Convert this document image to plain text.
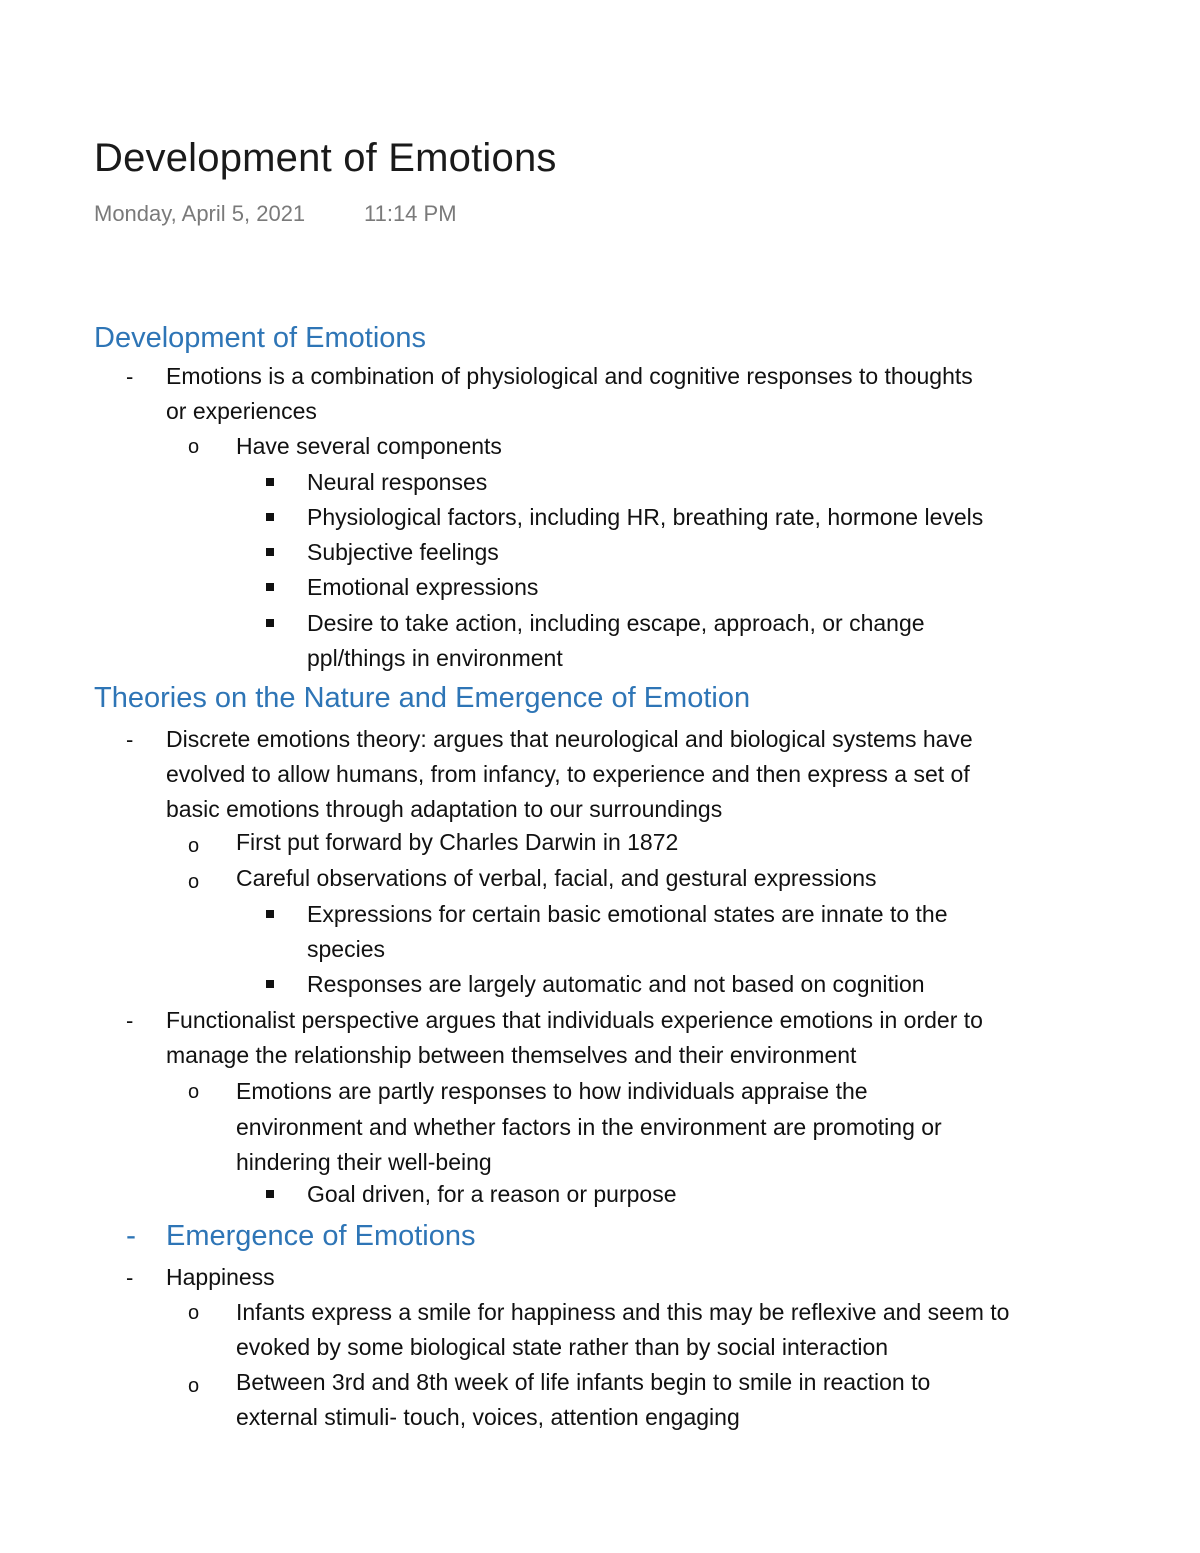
Development of Emotions
Monday, April 5, 2021	11:14 PM
Development of Emotions
- Emotions is a combination of physiological and cognitive responses to thoughts
or experiences
o Have several components
Neural responses
Physiological factors, including HR, breathing rate, hormone levels
Subjective feelings
Emotional expressions
Desire to take action, including escape, approach, or change
ppl/things in environment
Theories on the Nature and Emergence of Emotion
- Discrete emotions theory: argues that neurological and biological systems have
evolved to allow humans, from infancy, to experience and then express a set of
basic emotions through adaptation to our surroundings
o First put forward by Charles Darwin in 1872
o Careful observations of verbal, facial, and gestural expressions
Expressions for certain basic emotional states are innate to the
species
Responses are largely automatic and not based on cognition
- Functionalist perspective argues that individuals experience emotions in order to
manage the relationship between themselves and their environment
o Emotions are partly responses to how individuals appraise the
environment and whether factors in the environment are promoting or
hindering their well-being
Goal driven, for a reason or purpose
- Emergence of Emotions
- Happiness
o Infants express a smile for happiness and this may be reflexive and seem to
evoked by some biological state rather than by social interaction
o Between 3rd and 8th week of life infants begin to smile in reaction to
external stimuli- touch, voices, attention engaging
